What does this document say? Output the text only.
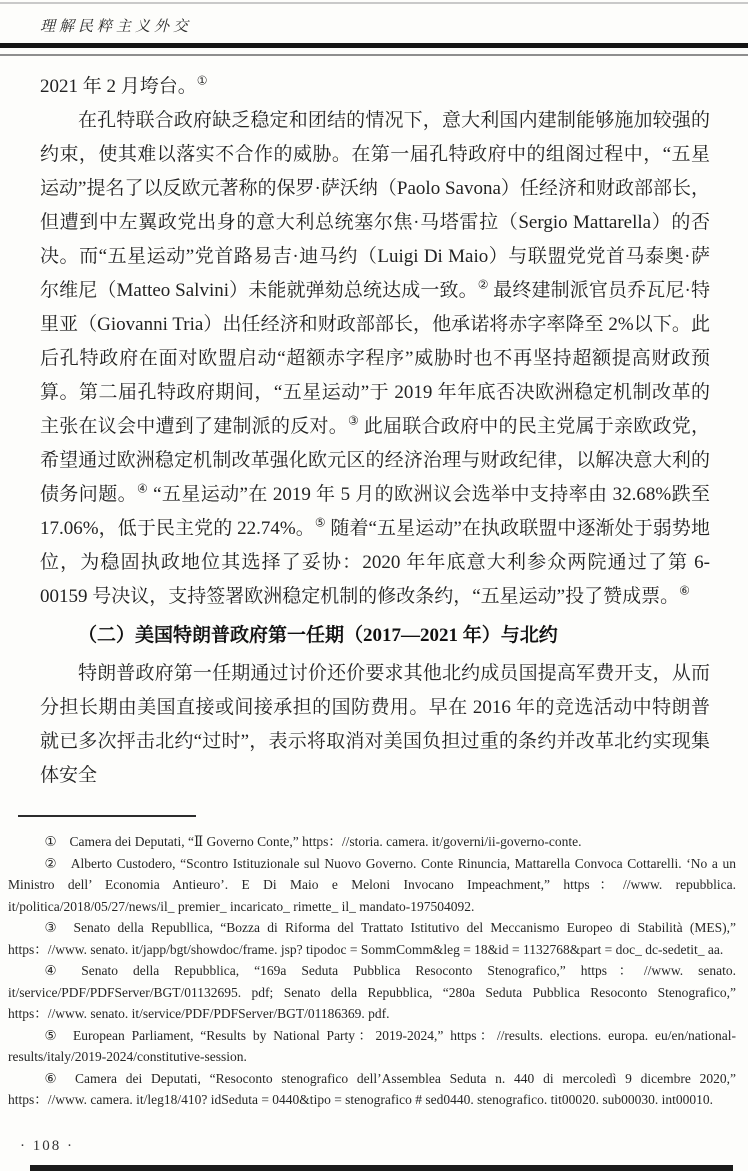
理解民粹主义外交

2021 年 2 月垮台。①

在孔特联合政府缺乏稳定和团结的情况下，意大利国内建制能够施加较强的约束，使其难以落实不合作的威胁。在第一届孔特政府中的组阁过程中，“五星运动”提名了以反欧元著称的保罗·萨沃纳（Paolo Savona）任经济和财政部部长，但遭到中左翼政党出身的意大利总统塞尔焦·马塔雷拉（Sergio Mattarella）的否决。而“五星运动”党首路易吉·迪马约（Luigi Di Maio）与联盟党党首马泰奥·萨尔维尼（Matteo Salvini）未能就弹劾总统达成一致。② 最终建制派官员乔瓦尼·特里亚（Giovanni Tria）出任经济和财政部部长，他承诺将赤字率降至 2%以下。此后孔特政府在面对欧盟启动“超额赤字程序”威胁时也不再坚持超额提高财政预算。第二届孔特政府期间，“五星运动”于 2019 年年底否决欧洲稳定机制改革的主张在议会中遭到了建制派的反对。③ 此届联合政府中的民主党属于亲欧政党，希望通过欧洲稳定机制改革强化欧元区的经济治理与财政纪律，以解决意大利的债务问题。④ “五星运动”在 2019 年 5 月的欧洲议会选举中支持率由 32.68%跌至 17.06%，低于民主党的 22.74%。⑤ 随着“五星运动”在执政联盟中逐渐处于弱势地位，为稳固执政地位其选择了妥协：2020 年年底意大利参众两院通过了第 6-00159 号决议，支持签署欧洲稳定机制的修改条约，“五星运动”投了赞成票。⑥

（二）美国特朗普政府第一任期（2017—2021 年）与北约

特朗普政府第一任期通过讨价还价要求其他北约成员国提高军费开支，从而分担长期由美国直接或间接承担的国防费用。早在 2016 年的竞选活动中特朗普就已多次抨击北约“过时”，表示将取消对美国负担过重的条约并改革北约实现集体安全

① Camera dei Deputati, “Ⅱ Governo Conte,” https：//storia. camera. it/governi/ii-governo-conte.

② Alberto Custodero, “Scontro Istituzionale sul Nuovo Governo. Conte Rinuncia, Mattarella Convoca Cottarelli. ‘No a un Ministro dell’ Economia Antieuro’. E Di Maio e Meloni Invocano Impeachment,” https：//www. repubblica. it/politica/2018/05/27/news/il_ premier_ incaricato_ rimette_ il_ mandato-197504092.

③ Senato della Republlica, “Bozza di Riforma del Trattato Istitutivo del Meccanismo Europeo di Stabilità (MES),” https：//www. senato. it/japp/bgt/showdoc/frame. jsp? tipodoc = SommComm&leg = 18&id = 1132768&part = doc_ dc-sedetit_ aa.

④ Senato della Repubblica, “169a Seduta Pubblica Resoconto Stenografico,” https：//www. senato. it/service/PDF/PDFServer/BGT/01132695. pdf; Senato della Repubblica, “280a Seduta Pubblica Resoconto Stenografico,” https：//www. senato. it/service/PDF/PDFServer/BGT/01186369. pdf.

⑤ European Parliament, “Results by National Party：2019-2024,” https：//results. elections. europa. eu/en/national-results/italy/2019-2024/constitutive-session.

⑥ Camera dei Deputati, “Resoconto stenografico dell’Assemblea Seduta n. 440 di mercoledì 9 dicembre 2020,” https：//www. camera. it/leg18/410? idSeduta = 0440&tipo = stenografico # sed0440. stenografico. tit00020. sub00030. int00010.

· 108 ·
